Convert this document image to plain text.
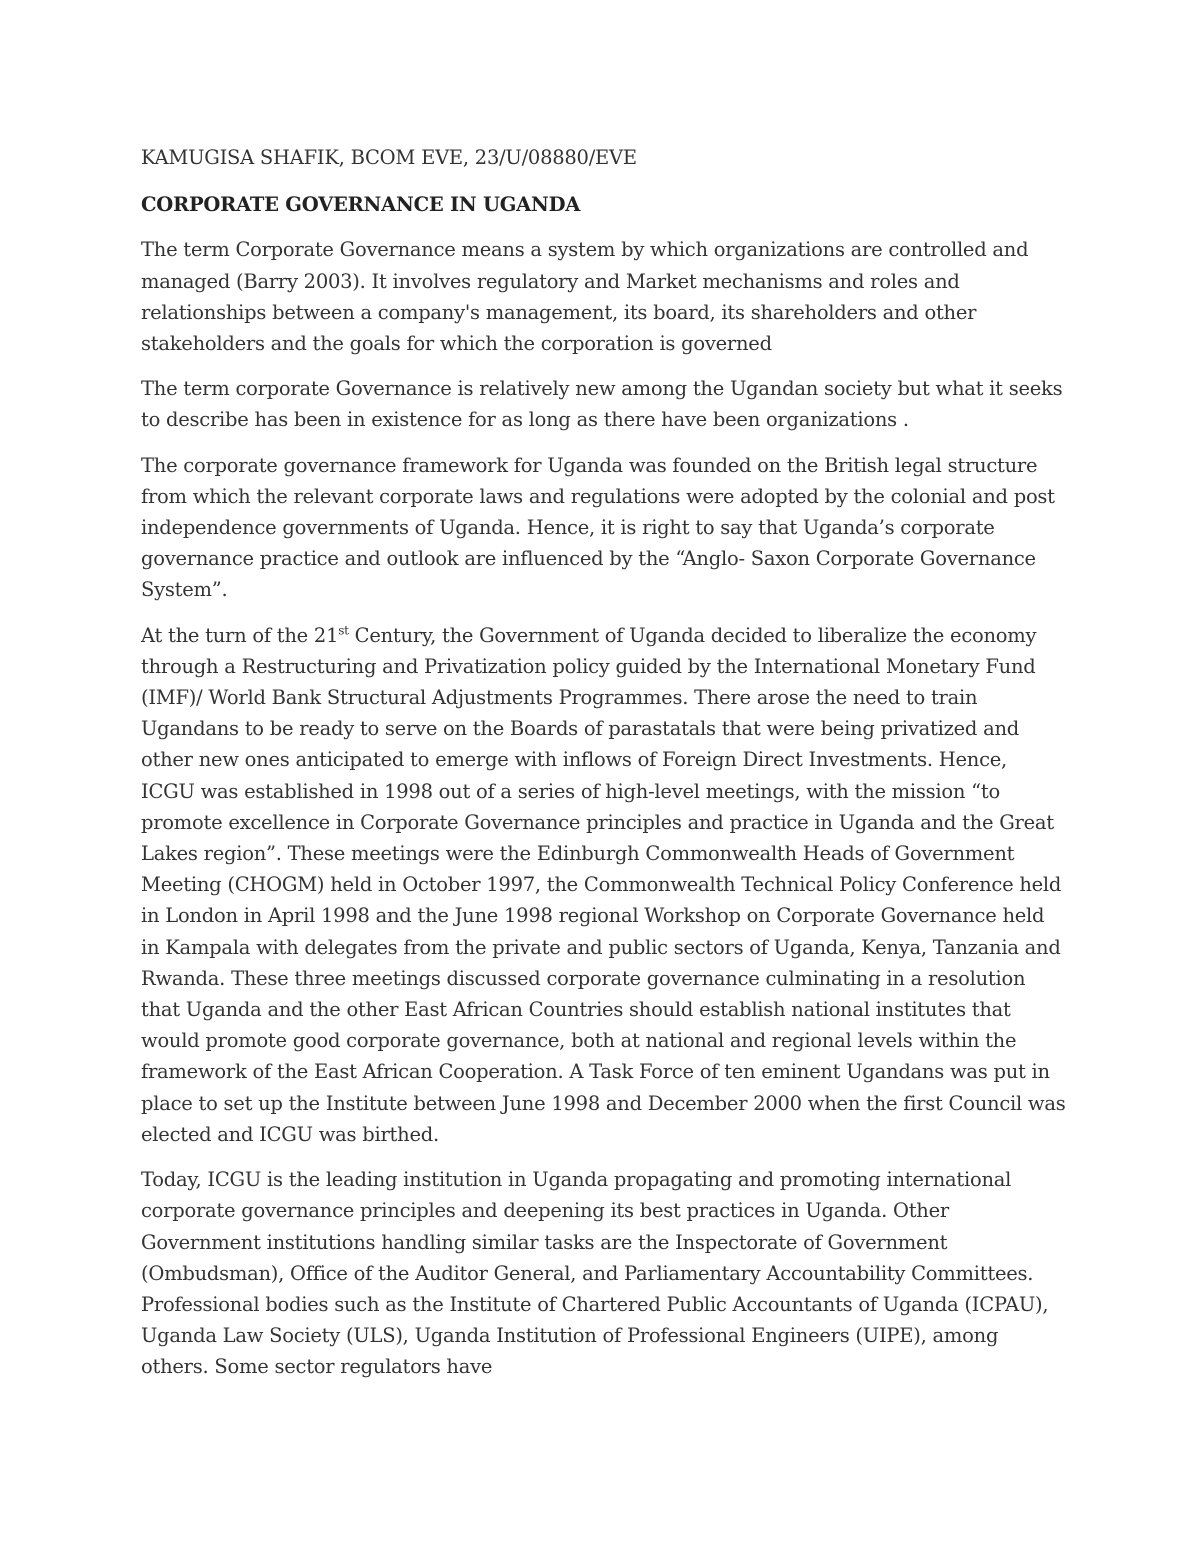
KAMUGISA SHAFIK, BCOM EVE, 23/U/08880/EVE

CORPORATE GOVERNANCE IN UGANDA

The term Corporate Governance means a system by which organizations are controlled and managed (Barry 2003). It involves regulatory and Market mechanisms and roles and relationships between a company's management, its board, its shareholders and other stakeholders and the goals for which the corporation is governed

The term corporate Governance is relatively new among the Ugandan society but what it seeks to describe has been in existence for as long as there have been organizations .

The corporate governance framework for Uganda was founded on the British legal structure from which the relevant corporate laws and regulations were adopted by the colonial and post independence governments of Uganda. Hence, it is right to say that Uganda’s corporate governance practice and outlook are influenced by the “Anglo- Saxon Corporate Governance System”.

At the turn of the 21st Century, the Government of Uganda decided to liberalize the economy through a Restructuring and Privatization policy guided by the International Monetary Fund (IMF)/ World Bank Structural Adjustments Programmes. There arose the need to train Ugandans to be ready to serve on the Boards of parastatals that were being privatized and other new ones anticipated to emerge with inflows of Foreign Direct Investments. Hence, ICGU was established in 1998 out of a series of high-level meetings, with the mission “to promote excellence in Corporate Governance principles and practice in Uganda and the Great Lakes region”. These meetings were the Edinburgh Commonwealth Heads of Government Meeting (CHOGM) held in October 1997, the Commonwealth Technical Policy Conference held in London in April 1998 and the June 1998 regional Workshop on Corporate Governance held in Kampala with delegates from the private and public sectors of Uganda, Kenya, Tanzania and Rwanda. These three meetings discussed corporate governance culminating in a resolution that Uganda and the other East African Countries should establish national institutes that would promote good corporate governance, both at national and regional levels within the framework of the East African Cooperation. A Task Force of ten eminent Ugandans was put in place to set up the Institute between June 1998 and December 2000 when the first Council was elected and ICGU was birthed.

Today, ICGU is the leading institution in Uganda propagating and promoting international corporate governance principles and deepening its best practices in Uganda. Other Government institutions handling similar tasks are the Inspectorate of Government (Ombudsman), Office of the Auditor General, and Parliamentary Accountability Committees. Professional bodies such as the Institute of Chartered Public Accountants of Uganda (ICPAU), Uganda Law Society (ULS), Uganda Institution of Professional Engineers (UIPE), among others. Some sector regulators have
